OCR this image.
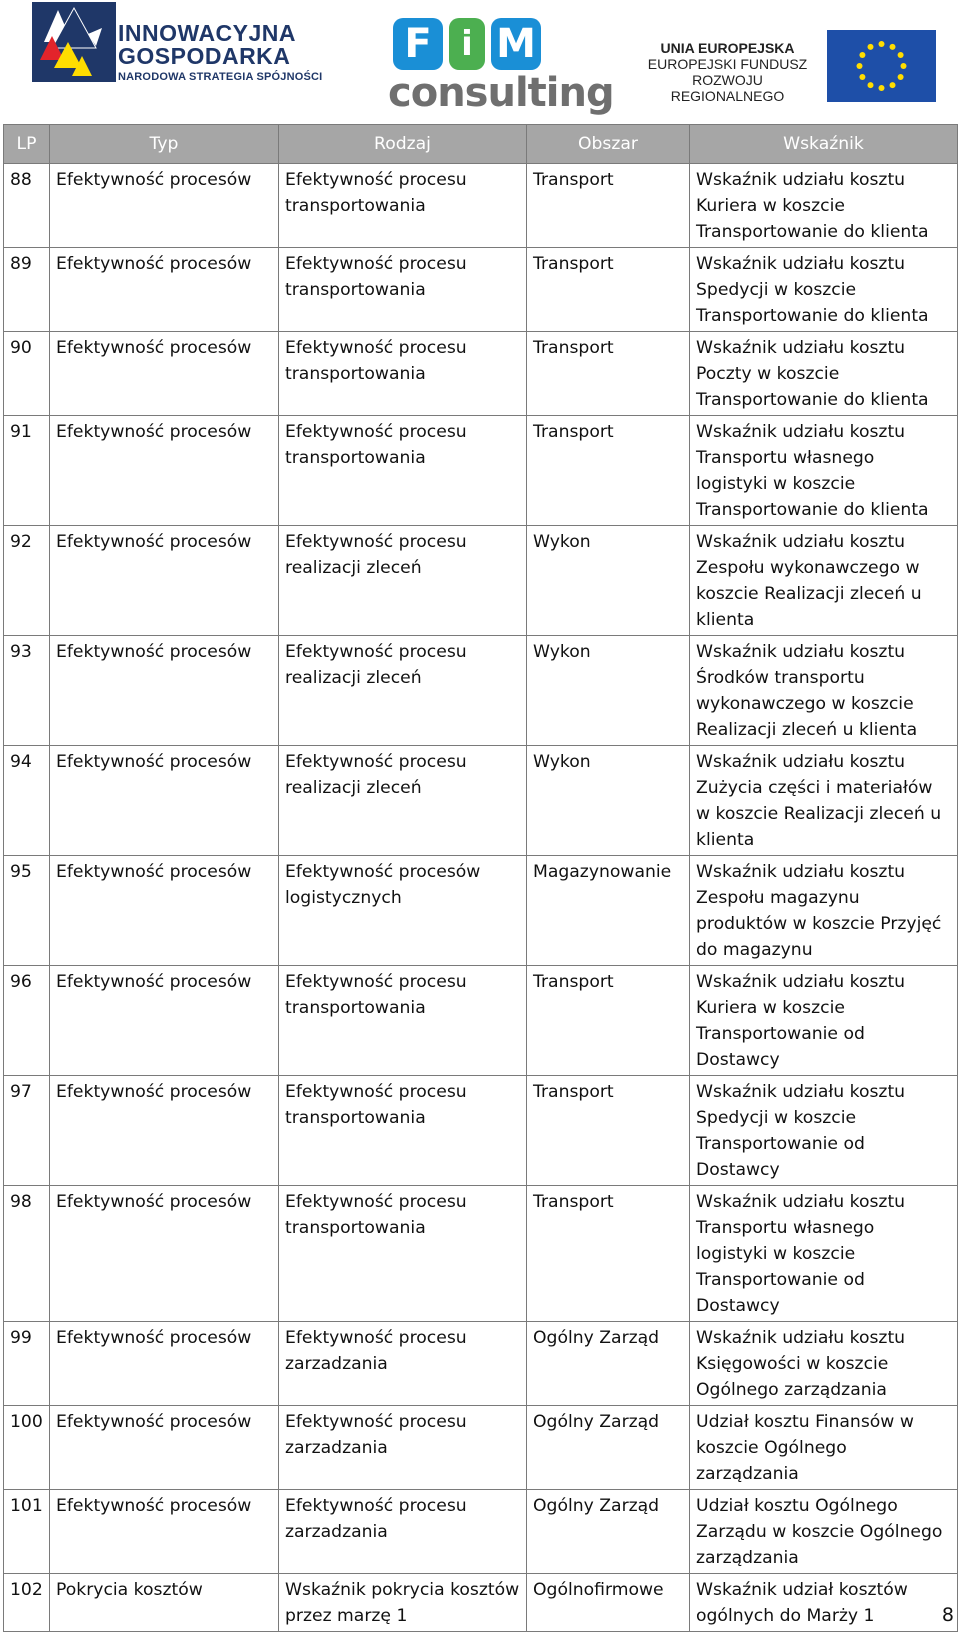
INNOWACYJNA
GOSPODARKA
NARODOWA STRATEGIA SPÓJNOŚCI
F i M
consulting
UNIA EUROPEJSKA
EUROPEJSKI FUNDUSZ
ROZWOJU REGIONALNEGO
LP	Typ	Rodzaj	Obszar	Wskaźnik
88	Efektywność procesów	Efektywność procesu transportowania	Transport	Wskaźnik udziału kosztu Kuriera w koszcie Transportowanie do klienta
89	Efektywność procesów	Efektywność procesu transportowania	Transport	Wskaźnik udziału kosztu Spedycji w koszcie Transportowanie do klienta
90	Efektywność procesów	Efektywność procesu transportowania	Transport	Wskaźnik udziału kosztu Poczty w koszcie Transportowanie do klienta
91	Efektywność procesów	Efektywność procesu transportowania	Transport	Wskaźnik udziału kosztu Transportu własnego logistyki w koszcie Transportowanie do klienta
92	Efektywność procesów	Efektywność procesu realizacji zleceń	Wykon	Wskaźnik udziału kosztu Zespołu wykonawczego w koszcie Realizacji zleceń u klienta
93	Efektywność procesów	Efektywność procesu realizacji zleceń	Wykon	Wskaźnik udziału kosztu Środków transportu wykonawczego w koszcie Realizacji zleceń u klienta
94	Efektywność procesów	Efektywność procesu realizacji zleceń	Wykon	Wskaźnik udziału kosztu Zużycia części i materiałów w koszcie Realizacji zleceń u klienta
95	Efektywność procesów	Efektywność procesów logistycznych	Magazynowanie	Wskaźnik udziału kosztu Zespołu magazynu produktów w koszcie Przyjęć do magazynu
96	Efektywność procesów	Efektywność procesu transportowania	Transport	Wskaźnik udziału kosztu Kuriera w koszcie Transportowanie od Dostawcy
97	Efektywność procesów	Efektywność procesu transportowania	Transport	Wskaźnik udziału kosztu Spedycji w koszcie Transportowanie od Dostawcy
98	Efektywność procesów	Efektywność procesu transportowania	Transport	Wskaźnik udziału kosztu Transportu własnego logistyki w koszcie Transportowanie od Dostawcy
99	Efektywność procesów	Efektywność procesu zarzadzania	Ogólny Zarząd	Wskaźnik udziału kosztu Księgowości w koszcie Ogólnego zarządzania
100	Efektywność procesów	Efektywność procesu zarzadzania	Ogólny Zarząd	Udział kosztu Finansów w koszcie Ogólnego zarządzania
101	Efektywność procesów	Efektywność procesu zarzadzania	Ogólny Zarząd	Udział kosztu Ogólnego Zarządu w koszcie Ogólnego zarządzania
102	Pokrycia kosztów	Wskaźnik pokrycia kosztów przez marzę 1	Ogólnofirmowe	Wskaźnik udział kosztów ogólnych do Marży 1	8
